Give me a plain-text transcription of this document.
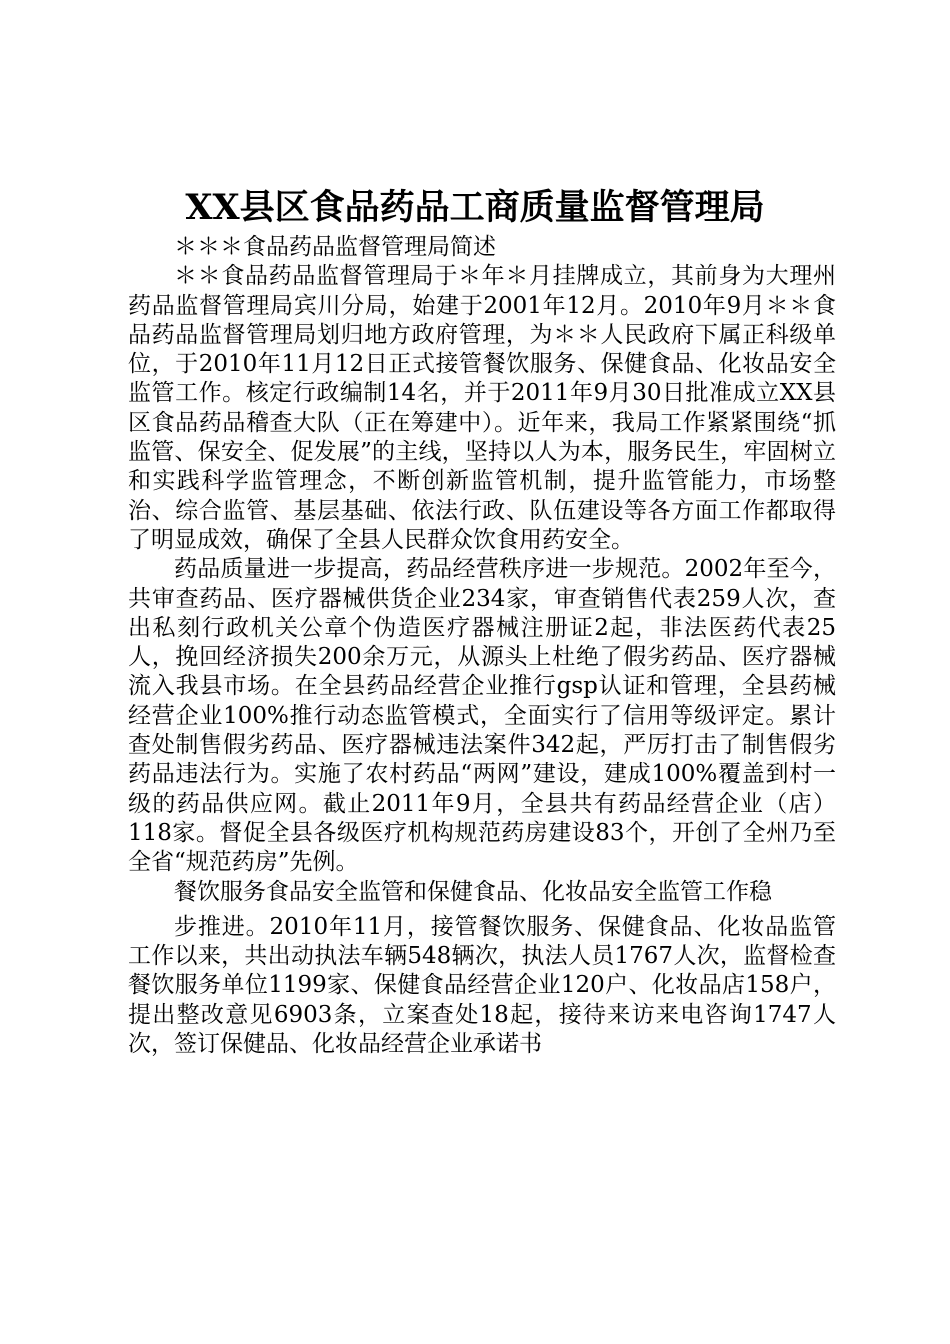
XX县区食品药品工商质量监督管理局

＊＊＊食品药品监督管理局简述

＊＊食品药品监督管理局于＊年＊月挂牌成立，其前身为大理州药品监督管理局宾川分局，始建于2001年12月。2010年9月＊＊食品药品监督管理局划归地方政府管理，为＊＊人民政府下属正科级单位，于2010年11月12日正式接管餐饮服务、保健食品、化妆品安全监管工作。核定行政编制14名，并于2011年9月30日批准成立XX县区食品药品稽查大队（正在筹建中）。近年来，我局工作紧紧围绕“抓监管、保安全、促发展”的主线，坚持以人为本，服务民生，牢固树立和实践科学监管理念，不断创新监管机制，提升监管能力，市场整治、综合监管、基层基础、依法行政、队伍建设等各方面工作都取得了明显成效，确保了全县人民群众饮食用药安全。

药品质量进一步提高，药品经营秩序进一步规范。2002年至今，共审查药品、医疗器械供货企业234家，审查销售代表259人次，查出私刻行政机关公章个伪造医疗器械注册证2起，非法医药代表25人，挽回经济损失200余万元，从源头上杜绝了假劣药品、医疗器械流入我县市场。在全县药品经营企业推行gsp认证和管理，全县药械经营企业100%推行动态监管模式，全面实行了信用等级评定。累计查处制售假劣药品、医疗器械违法案件342起，严厉打击了制售假劣药品违法行为。实施了农村药品“两网”建设，建成100%覆盖到村一级的药品供应网。截止2011年9月，全县共有药品经营企业（店）118家。督促全县各级医疗机构规范药房建设83个，开创了全州乃至全省“规范药房”先例。

餐饮服务食品安全监管和保健食品、化妆品安全监管工作稳

步推进。2010年11月，接管餐饮服务、保健食品、化妆品监管工作以来，共出动执法车辆548辆次，执法人员1767人次，监督检查餐饮服务单位1199家、保健食品经营企业120户、化妆品店158户，提出整改意见6903条，立案查处18起，接待来访来电咨询1747人次，签订保健品、化妆品经营企业承诺书
